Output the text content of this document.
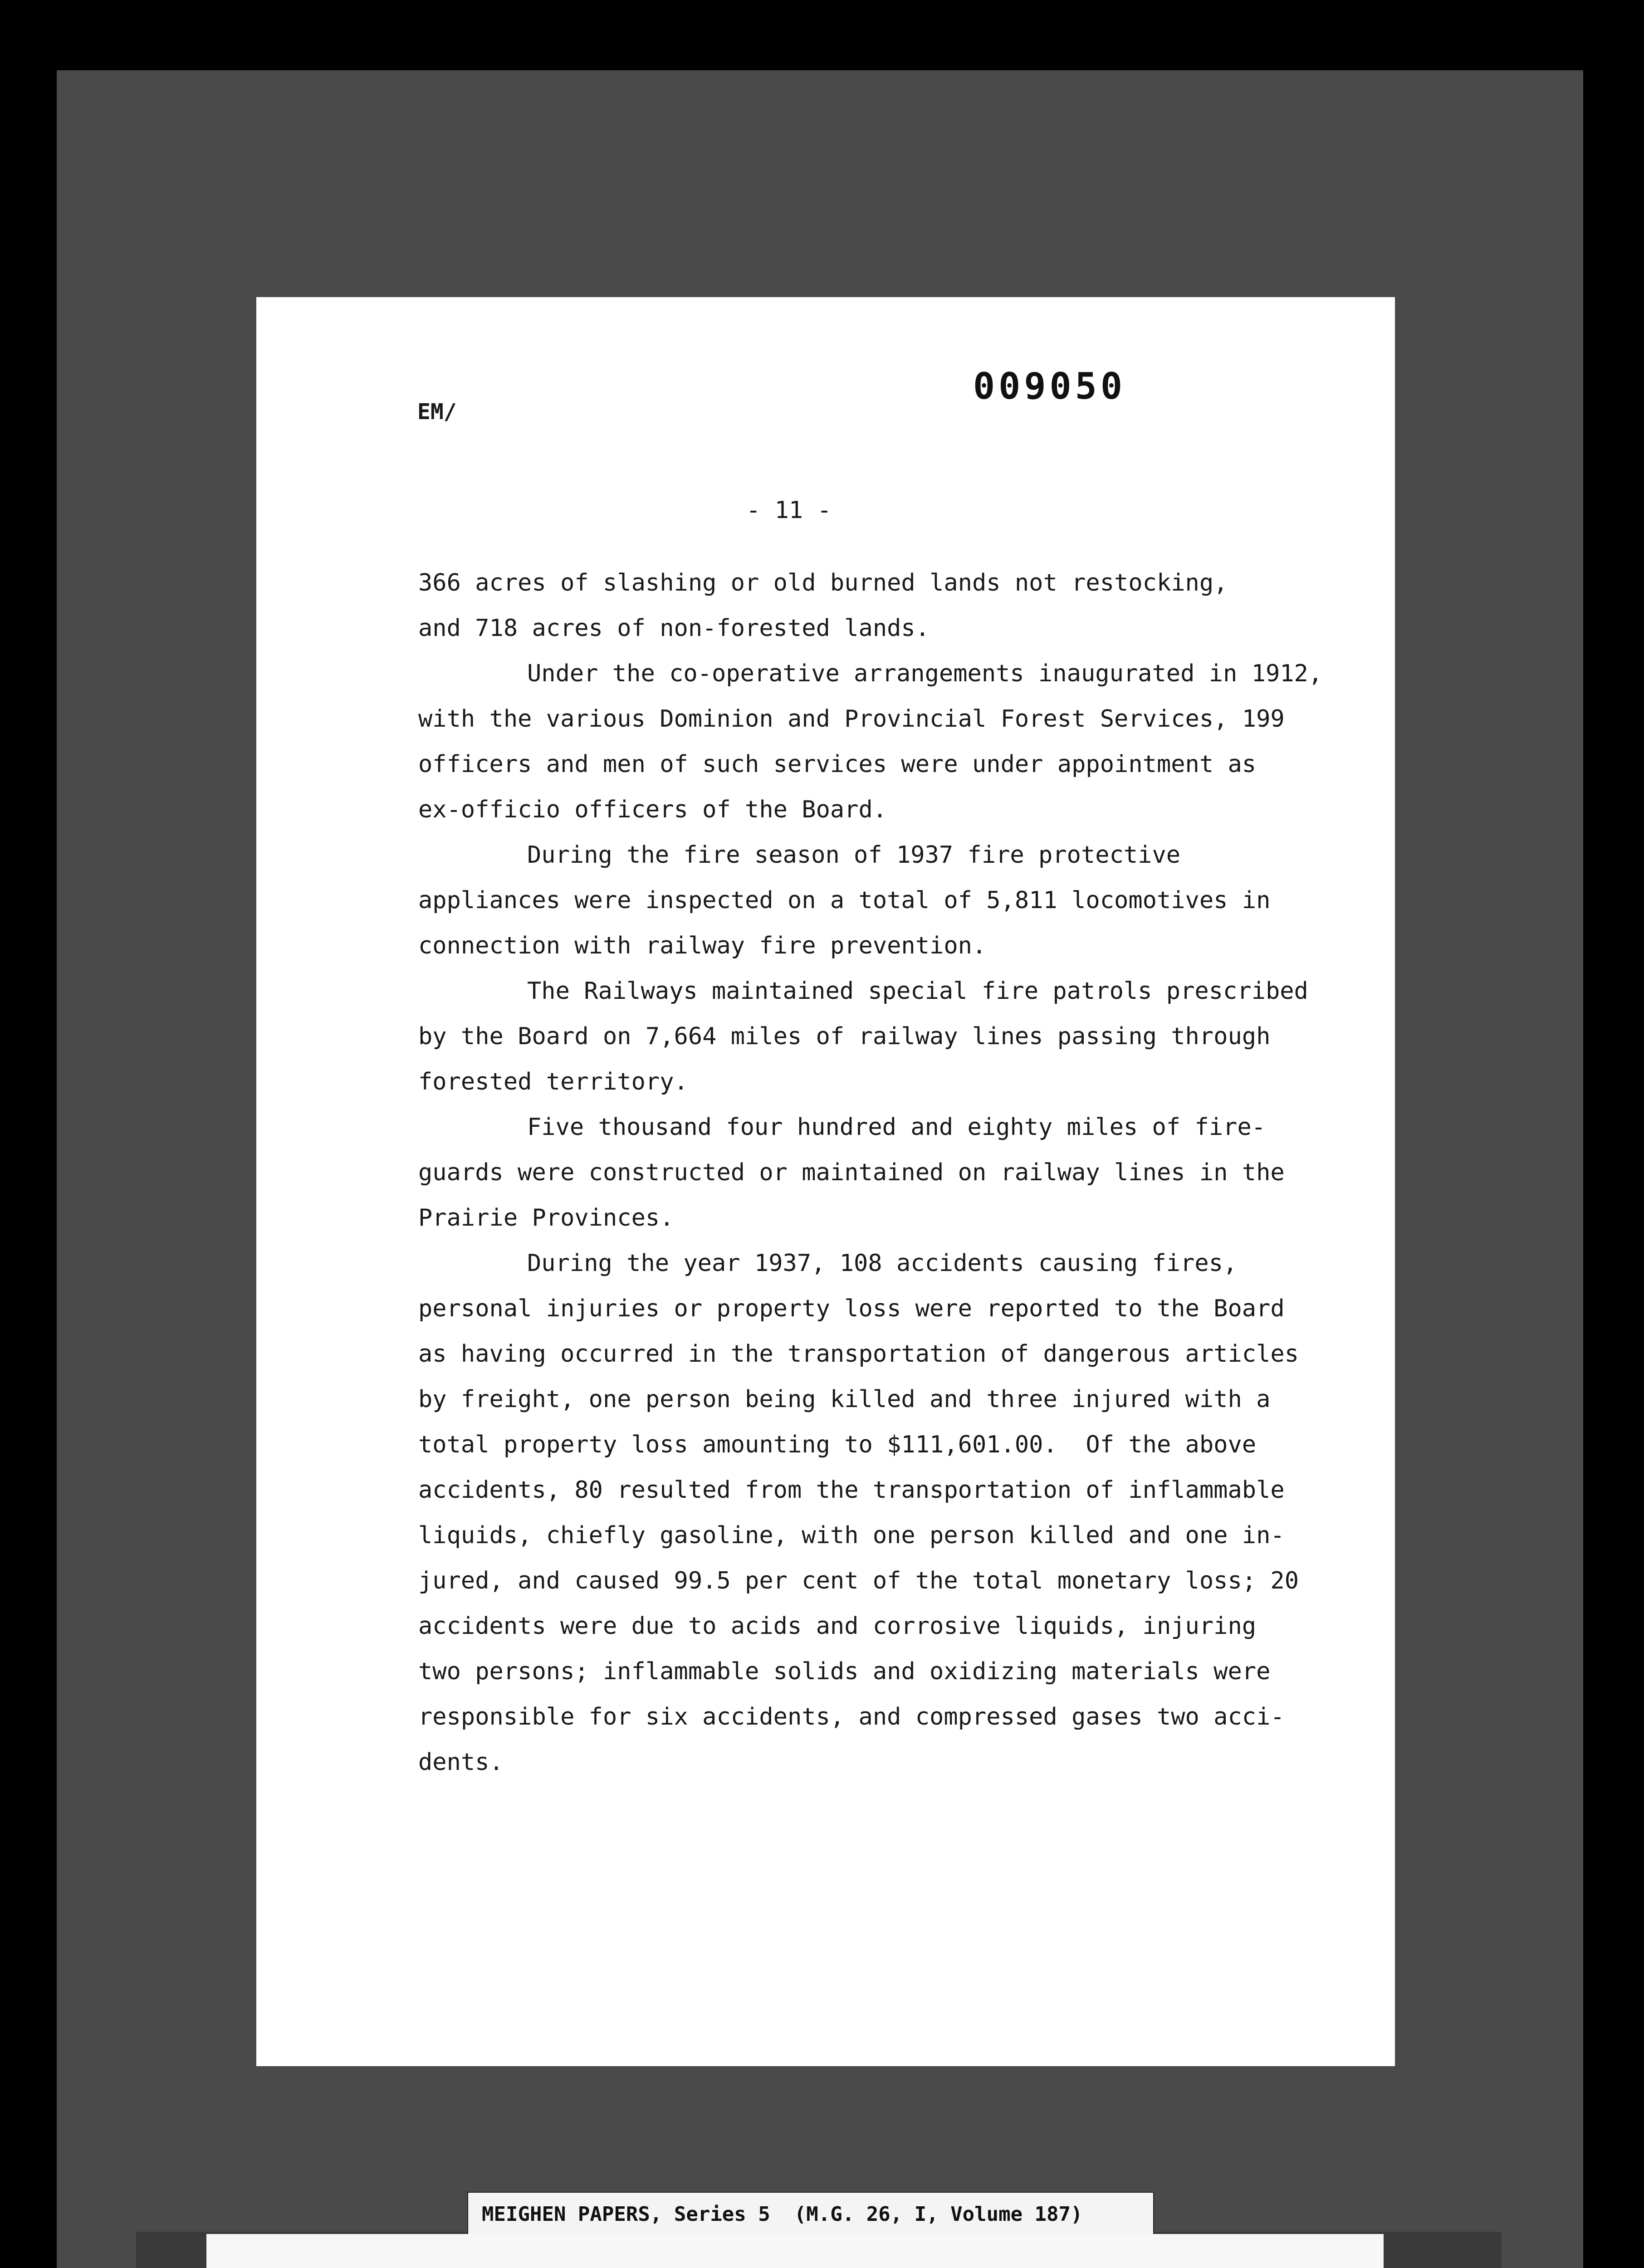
EM/
009050
- 11 -
366 acres of slashing or old burned lands not restocking,
and 718 acres of non-forested lands.
Under the co-operative arrangements inaugurated in 1912,
with the various Dominion and Provincial Forest Services, 199
officers and men of such services were under appointment as
ex-officio officers of the Board.
During the fire season of 1937 fire protective
appliances were inspected on a total of 5,811 locomotives in
connection with railway fire prevention.
The Railways maintained special fire patrols prescribed
by the Board on 7,664 miles of railway lines passing through
forested territory.
Five thousand four hundred and eighty miles of fire-
guards were constructed or maintained on railway lines in the
Prairie Provinces.
During the year 1937, 108 accidents causing fires,
personal injuries or property loss were reported to the Board
as having occurred in the transportation of dangerous articles
by freight, one person being killed and three injured with a
total property loss amounting to $111,601.00.  Of the above
accidents, 80 resulted from the transportation of inflammable
liquids, chiefly gasoline, with one person killed and one in-
jured, and caused 99.5 per cent of the total monetary loss; 20
accidents were due to acids and corrosive liquids, injuring
two persons; inflammable solids and oxidizing materials were
responsible for six accidents, and compressed gases two acci-
dents.
MEIGHEN PAPERS, Series 5  (M.G. 26, I, Volume 187)
